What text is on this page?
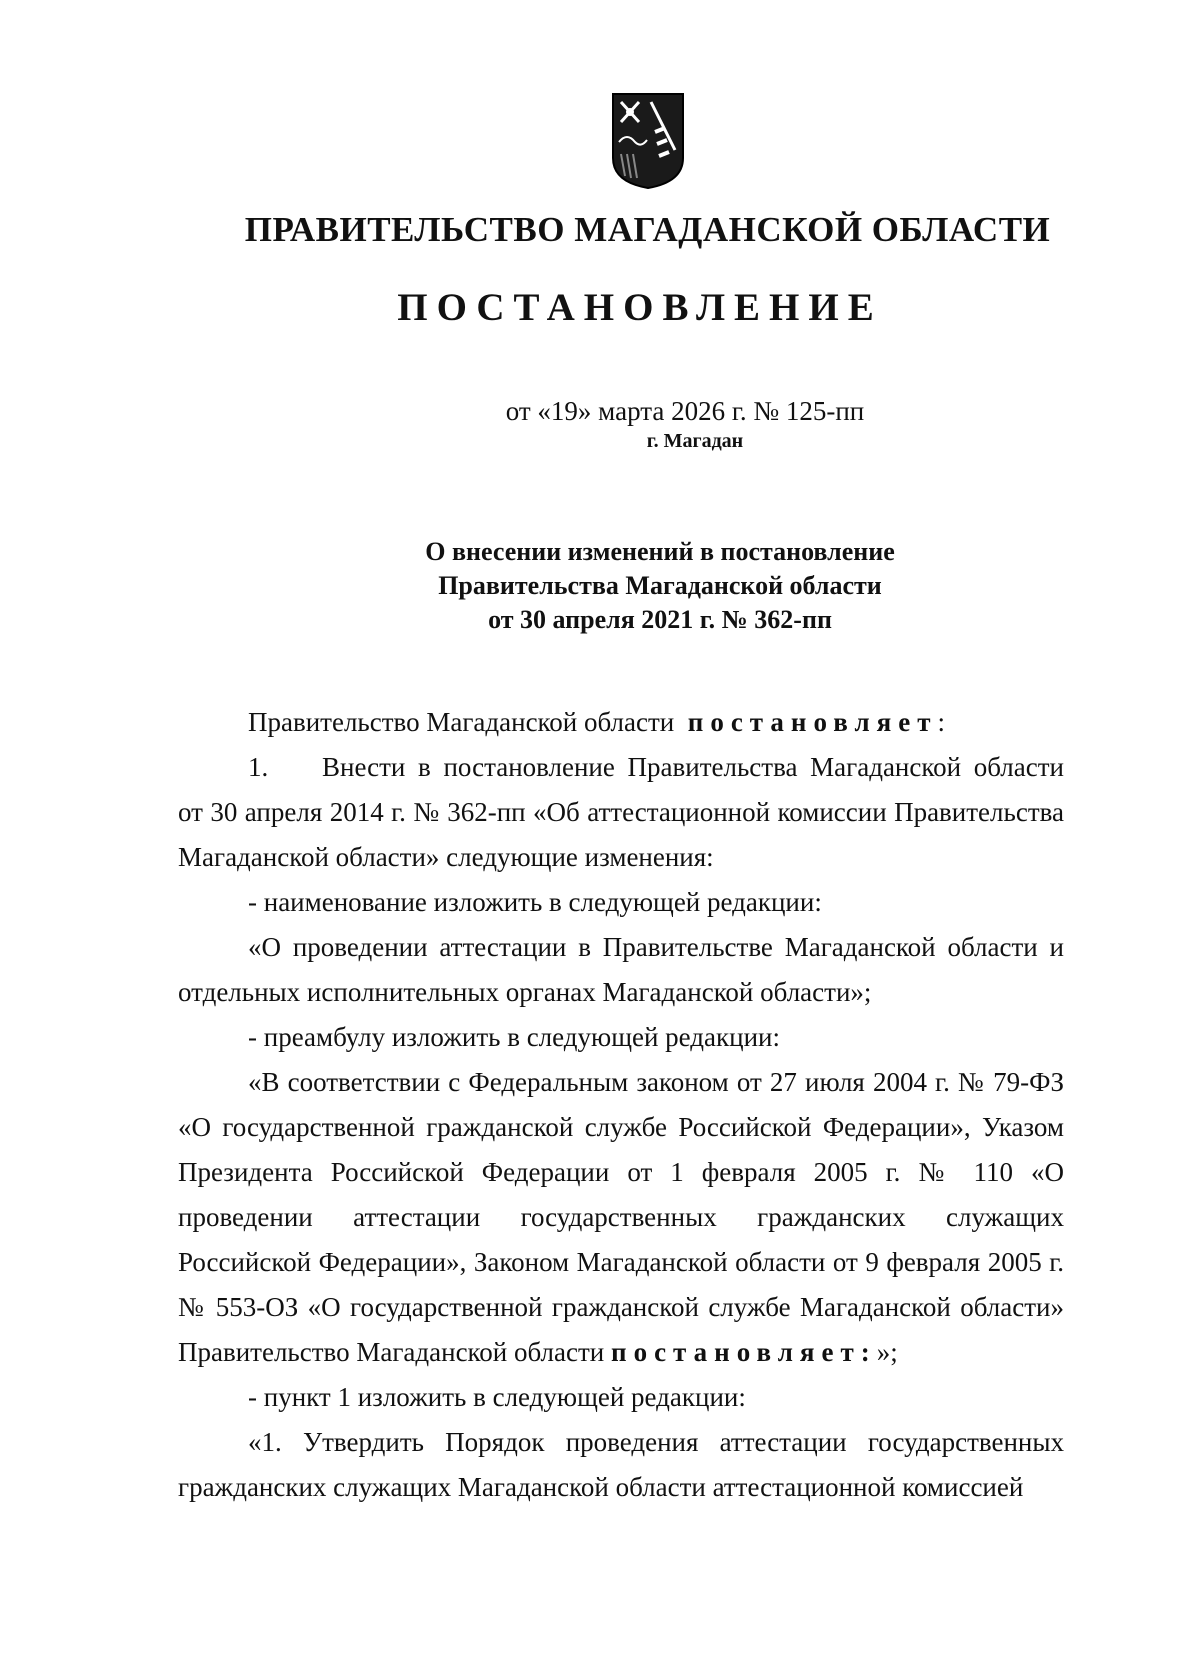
ПРАВИТЕЛЬСТВО МАГАДАНСКОЙ ОБЛАСТИ
ПОСТАНОВЛЕНИЕ
от «19» марта 2026 г. № 125-пп
г. Магадан
О внесении изменений в постановление
Правительства Магаданской области
от 30 апреля 2021 г. № 362-пп

Правительство Магаданской области постановляет:

1. Внести в постановление Правительства Магаданской области от 30 апреля 2014 г. № 362-пп «Об аттестационной комиссии Правительства Магаданской области» следующие изменения:

- наименование изложить в следующей редакции:

«О проведении аттестации в Правительстве Магаданской области и отдельных исполнительных органах Магаданской области»;

- преамбулу изложить в следующей редакции:

«В соответствии с Федеральным законом от 27 июля 2004 г. № 79-ФЗ «О государственной гражданской службе Российской Федерации», Указом Президента Российской Федерации от 1 февраля 2005 г. № 110 «О проведении аттестации государственных гражданских служащих Российской Федерации», Законом Магаданской области от 9 февраля 2005 г. № 553-ОЗ «О государственной гражданской службе Магаданской области» Правительство Магаданской области постановляет:»;

- пункт 1 изложить в следующей редакции:

«1. Утвердить Порядок проведения аттестации государственных гражданских служащих Магаданской области аттестационной комиссией
